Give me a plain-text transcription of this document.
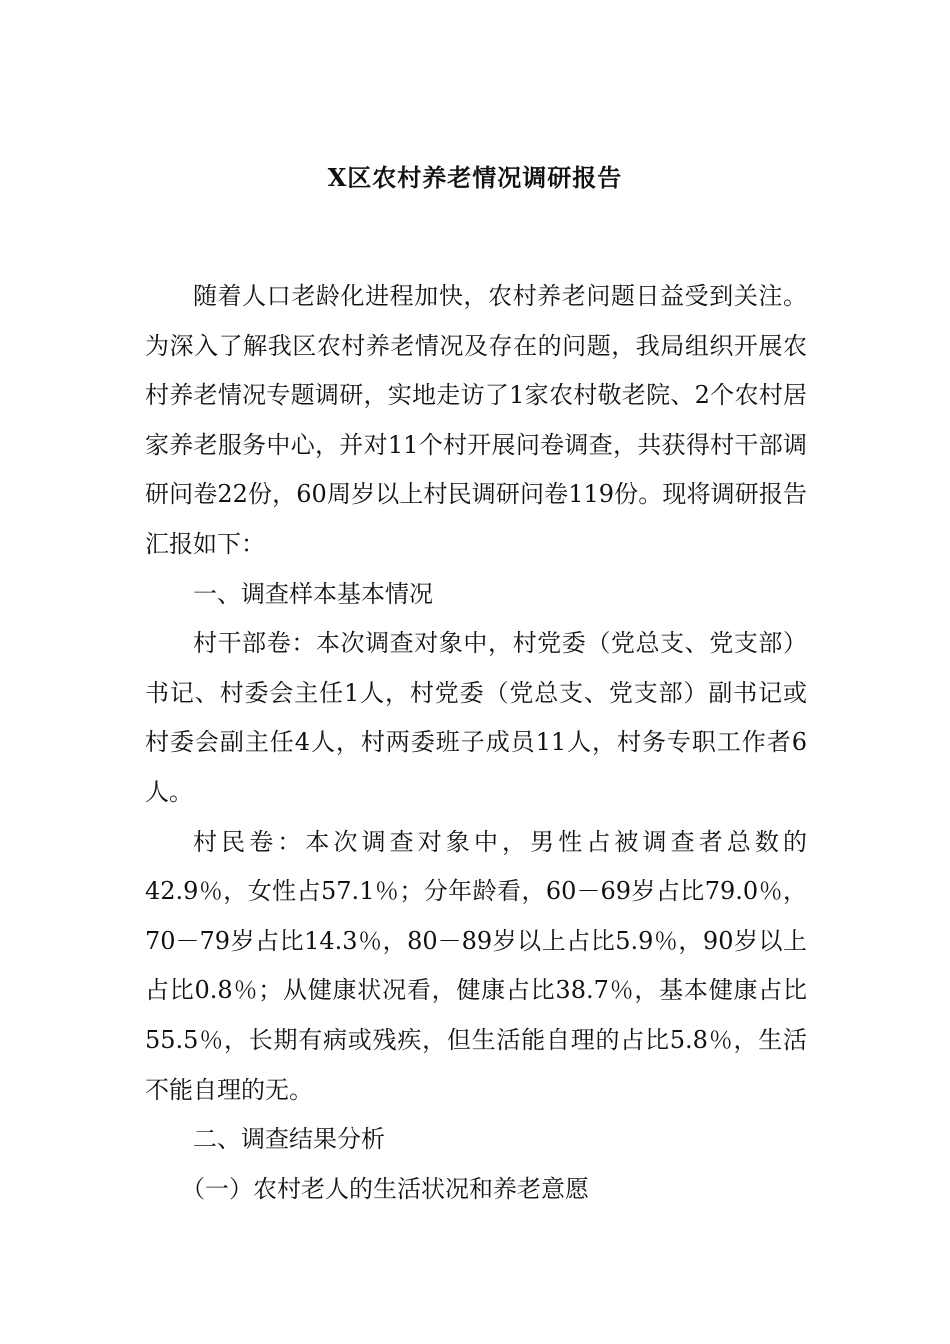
X区农村养老情况调研报告

随着人口老龄化进程加快，农村养老问题日益受到关注。为深入了解我区农村养老情况及存在的问题，我局组织开展农村养老情况专题调研，实地走访了1家农村敬老院、2个农村居家养老服务中心，并对11个村开展问卷调查，共获得村干部调研问卷22份，60周岁以上村民调研问卷119份。现将调研报告汇报如下：

一、调查样本基本情况

村干部卷：本次调查对象中，村党委（党总支、党支部）书记、村委会主任1人，村党委（党总支、党支部）副书记或村委会副主任4人，村两委班子成员11人，村务专职工作者6人。

村民卷：本次调查对象中，男性占被调查者总数的42.9％，女性占57.1％；分年龄看，60－69岁占比79.0％，70－79岁占比14.3％，80－89岁以上占比5.9％，90岁以上占比0.8％；从健康状况看，健康占比38.7％，基本健康占比55.5％，长期有病或残疾，但生活能自理的占比5.8％，生活不能自理的无。

二、调查结果分析

（一）农村老人的生活状况和养老意愿
